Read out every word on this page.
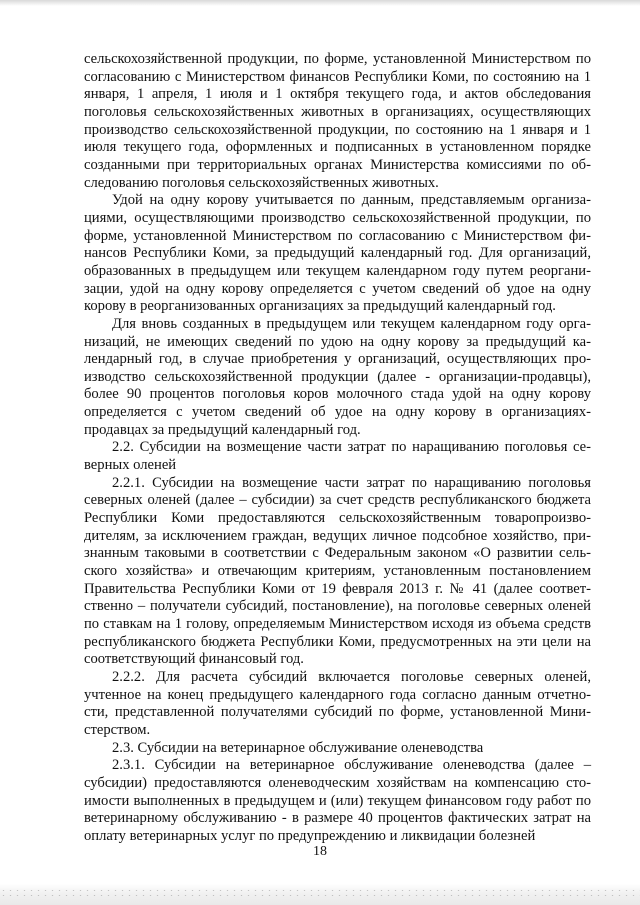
сельскохозяйственной продукции, по форме, установленной Министерством по согласованию с Министерством финансов Республики Коми, по состоянию на 1 января, 1 апреля, 1 июля и 1 октября текущего года, и актов обследования поголовья сельскохозяйственных животных в организациях, осуществляющих производство сельскохозяйственной продукции, по состоянию на 1 января и 1 июля текущего года, оформленных и подписанных в установленном порядке созданными при территориальных органах Министерства комиссиями по обследованию поголовья сельскохозяйственных животных.

Удой на одну корову учитывается по данным, представляемым организациями, осуществляющими производство сельскохозяйственной продукции, по форме, установленной Министерством по согласованию с Министерством финансов Республики Коми, за предыдущий календарный год. Для организаций, образованных в предыдущем или текущем календарном году путем реорганизации, удой на одну корову определяется с учетом сведений об удое на одну корову в реорганизованных организациях за предыдущий календарный год.

Для вновь созданных в предыдущем или текущем календарном году организаций, не имеющих сведений по удою на одну корову за предыдущий календарный год, в случае приобретения у организаций, осуществляющих производство сельскохозяйственной продукции (далее - организации-продавцы), более 90 процентов поголовья коров молочного стада удой на одну корову определяется с учетом сведений об удое на одну корову в организациях-продавцах за предыдущий календарный год.

2.2. Субсидии на возмещение части затрат по наращиванию поголовья северных оленей

2.2.1. Субсидии на возмещение части затрат по наращиванию поголовья северных оленей (далее – субсидии) за счет средств республиканского бюджета Республики Коми предоставляются сельскохозяйственным товаропроизводителям, за исключением граждан, ведущих личное подсобное хозяйство, признанным таковыми в соответствии с Федеральным законом «О развитии сельского хозяйства» и отвечающим критериям, установленным постановлением Правительства Республики Коми от 19 февраля 2013 г. № 41 (далее соответственно – получатели субсидий, постановление), на поголовье северных оленей по ставкам на 1 голову, определяемым Министерством исходя из объема средств республиканского бюджета Республики Коми, предусмотренных на эти цели на соответствующий финансовый год.

2.2.2. Для расчета субсидий включается поголовье северных оленей, учтенное на конец предыдущего календарного года согласно данным отчетности, представленной получателями субсидий по форме, установленной Министерством.

2.3. Субсидии на ветеринарное обслуживание оленеводства

2.3.1. Субсидии на ветеринарное обслуживание оленеводства (далее – субсидии) предоставляются оленеводческим хозяйствам на компенсацию стоимости выполненных в предыдущем и (или) текущем финансовом году работ по ветеринарному обслуживанию - в размере 40 процентов фактических затрат на оплату ветеринарных услуг по предупреждению и ликвидации болезней

18
